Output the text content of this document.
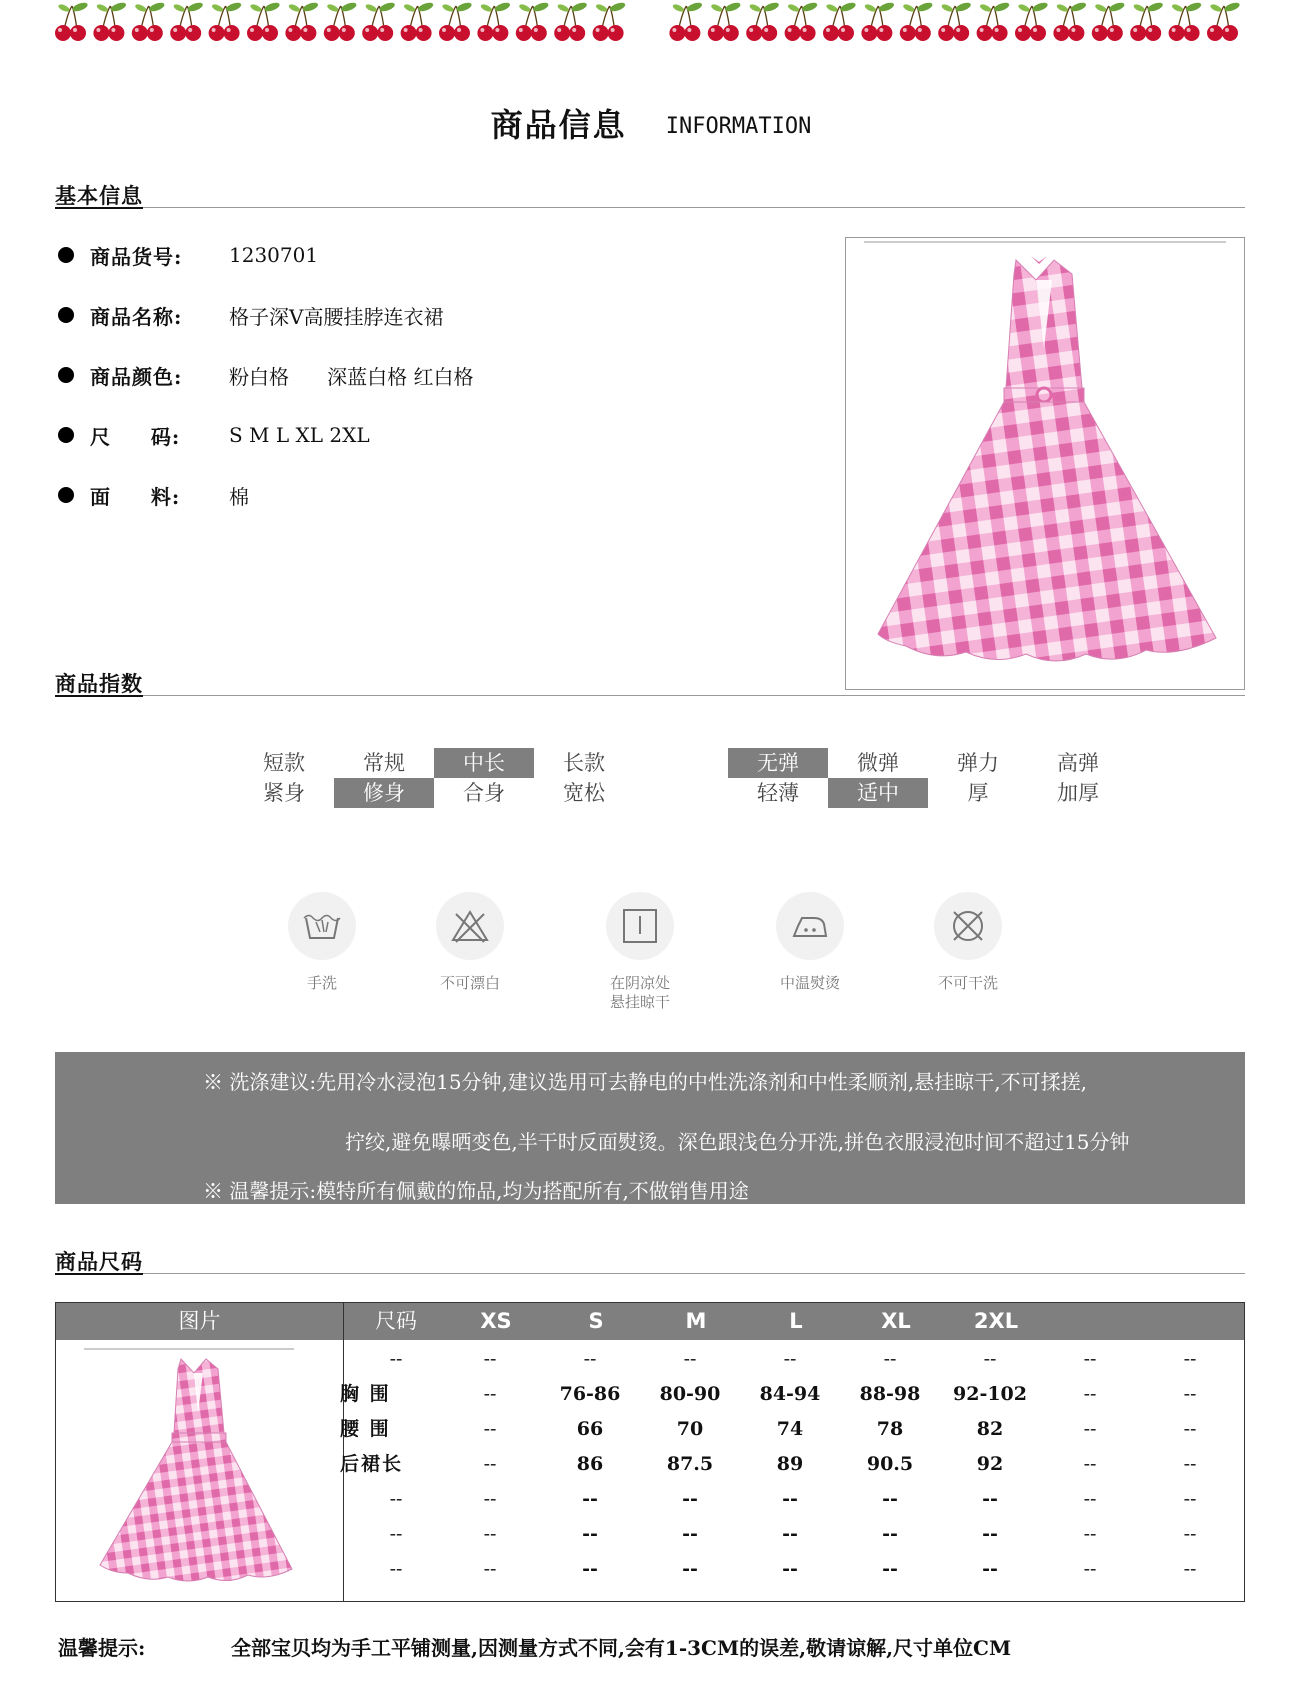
商品信息 INFORMATION
基本信息
商品货号:	1230701
商品名称:	格子深V高腰挂脖连衣裙
商品颜色:	粉白格      深蓝白格 红白格
尺     码:	S M L XL 2XL
面     料:	棉
商品指数
短款	常规	中长	长款
紧身	修身	合身	宽松
无弹	微弹	弹力	高弹
轻薄	适中	厚	加厚
手洗	不可漂白	在阴凉处
悬挂晾干
中温熨烫	不可干洗
※ 洗涤建议:先用冷水浸泡15分钟,建议选用可去静电的中性洗涤剂和中性柔顺剂,悬挂晾干,不可揉搓,
拧绞,避免曝晒变色,半干时反面熨烫。深色跟浅色分开洗,拼色衣服浸泡时间不超过15分钟
※ 温馨提示:模特所有佩戴的饰品,均为搭配所有,不做销售用途
商品尺码
图片	尺码	XS	S	M	L	XL	2XL
--	--	--	--	--	--	--	--	--
胸 围	--	76-86	80-90	84-94	88-98	92-102	--	--
腰 围	--	66	70	74	78	82	--	--
后裙长	--	86	87.5	89	90.5	92	--	--
--	--	--	--	--	--	--	--	--
--	--	--	--	--	--	--	--	--
--	--	--	--	--	--	--	--	--

温馨提示:

	全部宝贝均为手工平铺测量,因测量方式不同,会有1-3CM的误差,敬请谅解,尺寸单位CM
